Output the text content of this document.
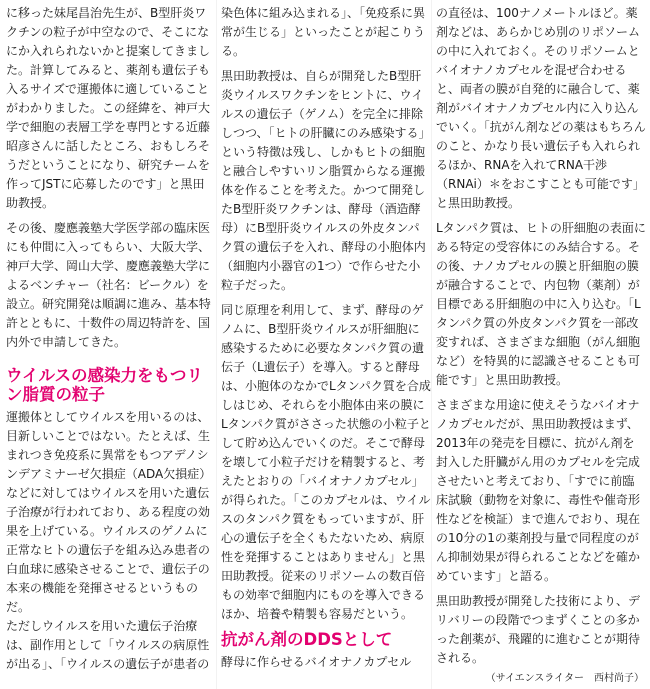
に移った妹尾昌治先生が、B型肝炎ワクチンの粒子が中空なので、そこになにか入れられないかと提案してきました。計算してみると、薬剤も遺伝子も入るサイズで運搬体に適していることがわかりました。この経緯を、神戸大学で細胞の表層工学を専門とする近藤昭彦さんに話したところ、おもしろそうだということになり、研究チームを作ってJSTに応募したのです」と黒田助教授。

その後、慶應義塾大学医学部の臨床医にも仲間に入ってもらい、大阪大学、神戸大学、岡山大学、慶應義塾大学によるベンチャー（社名：ビークル）を設立。研究開発は順調に進み、基本特許とともに、十数件の周辺特許を、国内外で申請してきた。

ウイルスの感染力をもつリン脂質の粒子

運搬体としてウイルスを用いるのは、目新しいことではない。たとえば、生まれつき免疫系に異常をもつアデノシンデアミナーゼ欠損症（ADA欠損症）などに対してはウイルスを用いた遺伝子治療が行われており、ある程度の効果を上げている。ウイルスのゲノムに正常なヒトの遺伝子を組み込み患者の白血球に感染させることで、遺伝子の本来の機能を発揮させるというものだ。

ただしウイルスを用いた遺伝子治療は、副作用として「ウイルスの病原性が出る」、「ウイルスの遺伝子が患者の

染色体に組み込まれる」、「免疫系に異常が生じる」といったことが起こりうる。

黒田助教授は、自らが開発したB型肝炎ウイルスワクチンをヒントに、ウイルスの遺伝子（ゲノム）を完全に排除しつつ、「ヒトの肝臓にのみ感染する」という特徴は残し、しかもヒトの細胞と融合しやすいリン脂質からなる運搬体を作ることを考えた。かつて開発したB型肝炎ワクチンは、酵母（酒造酵母）にB型肝炎ウイルスの外皮タンパク質の遺伝子を入れ、酵母の小胞体内（細胞内小器官の1つ）で作らせた小粒子だった。

同じ原理を利用して、まず、酵母のゲノムに、B型肝炎ウイルスが肝細胞に感染するために必要なタンパク質の遺伝子（L遺伝子）を導入。すると酵母は、小胞体のなかでLタンパク質を合成しはじめ、それらを小胞体由来の膜にLタンパク質がささった状態の小粒子として貯め込んでいくのだ。そこで酵母を壊して小粒子だけを精製すると、考えたとおりの「バイオナノカプセル」が得られた。「このカプセルは、ウイルスのタンパク質をもっていますが、肝心の遺伝子を全くもたないため、病原性を発揮することはありません」と黒田助教授。従来のリポソームの数百倍もの効率で細胞内にものを導入できるほか、培養や精製も容易だという。

抗がん剤のDDSとして

酵母に作らせるバイオナノカプセル

の直径は、100ナノメートルほど。薬剤などは、あらかじめ別のリポソームの中に入れておく。そのリポソームとバイオナノカプセルを混ぜ合わせると、両者の膜が自発的に融合して、薬剤がバイオナノカプセル内に入り込んでいく。「抗がん剤などの薬はもちろんのこと、かなり長い遺伝子も入れられるほか、RNAを入れてRNA干渉（RNAi）＊をおこすことも可能です」と黒田助教授。

Lタンパク質は、ヒトの肝細胞の表面にある特定の受容体にのみ結合する。その後、ナノカプセルの膜と肝細胞の膜が融合することで、内包物（薬剤）が目標である肝細胞の中に入り込む。「Lタンパク質の外皮タンパク質を一部改変すれば、さまざまな細胞（がん細胞など）を特異的に認識させることも可能です」と黒田助教授。

さまざまな用途に使えそうなバイオナノカプセルだが、黒田助教授はまず、2013年の発売を目標に、抗がん剤を封入した肝臓がん用のカプセルを完成させたいと考えており、「すでに前臨床試験（動物を対象に、毒性や催奇形性などを検証）まで進んでおり、現在の10分の1の薬剤投与量で同程度のがん抑制効果が得られることなどを確かめています」と語る。

黒田助教授が開発した技術により、デリバリーの段階でつまずくことの多かった創薬が、飛躍的に進むことが期待される。

（サイエンスライター　西村尚子）
